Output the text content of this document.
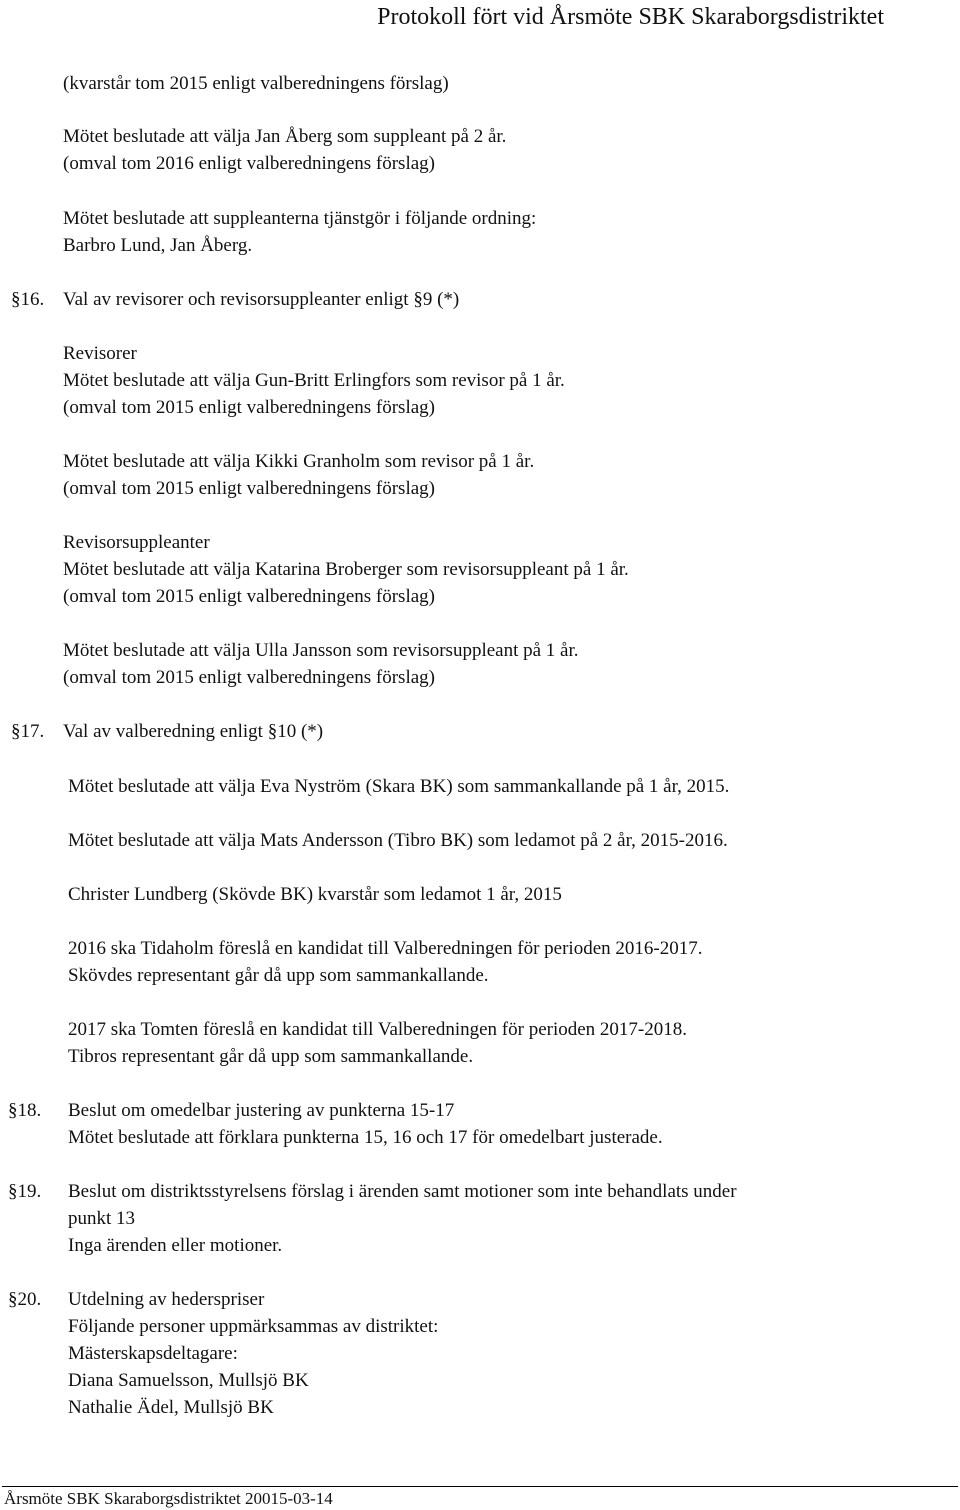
Protokoll fört vid Årsmöte SBK Skaraborgsdistriktet
(kvarstår tom 2015 enligt valberedningens förslag)
Mötet beslutade att välja Jan Åberg som suppleant på 2 år.
(omval tom 2016 enligt valberedningens förslag)
Mötet beslutade att suppleanterna tjänstgör i följande ordning:
Barbro Lund, Jan Åberg.
§16. Val av revisorer och revisorsuppleanter enligt §9 (*)
Revisorer
Mötet beslutade att välja Gun-Britt Erlingfors som revisor på 1 år.
(omval tom 2015 enligt valberedningens förslag)
Mötet beslutade att välja Kikki Granholm som revisor på 1 år.
(omval tom 2015 enligt valberedningens förslag)
Revisorsuppleanter
Mötet beslutade att välja Katarina Broberger som revisorsuppleant på 1 år.
(omval tom 2015 enligt valberedningens förslag)
Mötet beslutade att välja Ulla Jansson som revisorsuppleant på 1 år.
(omval tom 2015 enligt valberedningens förslag)
§17. Val av valberedning enligt §10 (*)
Mötet beslutade att välja Eva Nyström (Skara BK) som sammankallande på 1 år, 2015.
Mötet beslutade att välja Mats Andersson (Tibro BK) som ledamot på 2 år, 2015-2016.
Christer Lundberg (Skövde BK) kvarstår som ledamot 1 år, 2015
2016 ska Tidaholm föreslå en kandidat till Valberedningen för perioden 2016-2017.
Skövdes representant går då upp som sammankallande.
2017 ska Tomten föreslå en kandidat till Valberedningen för perioden 2017-2018.
Tibros representant går då upp som sammankallande.
§18. Beslut om omedelbar justering av punkterna 15-17
Mötet beslutade att förklara punkterna 15, 16 och 17 för omedelbart justerade.
§19. Beslut om distriktsstyrelsens förslag i ärenden samt motioner som inte behandlats under
punkt 13
Inga ärenden eller motioner.
§20. Utdelning av hederspriser
Följande personer uppmärksammas av distriktet:
Mästerskapsdeltagare:
Diana Samuelsson, Mullsjö BK
Nathalie Ädel, Mullsjö BK
Årsmöte SBK Skaraborgsdistriktet 20015-03-14
